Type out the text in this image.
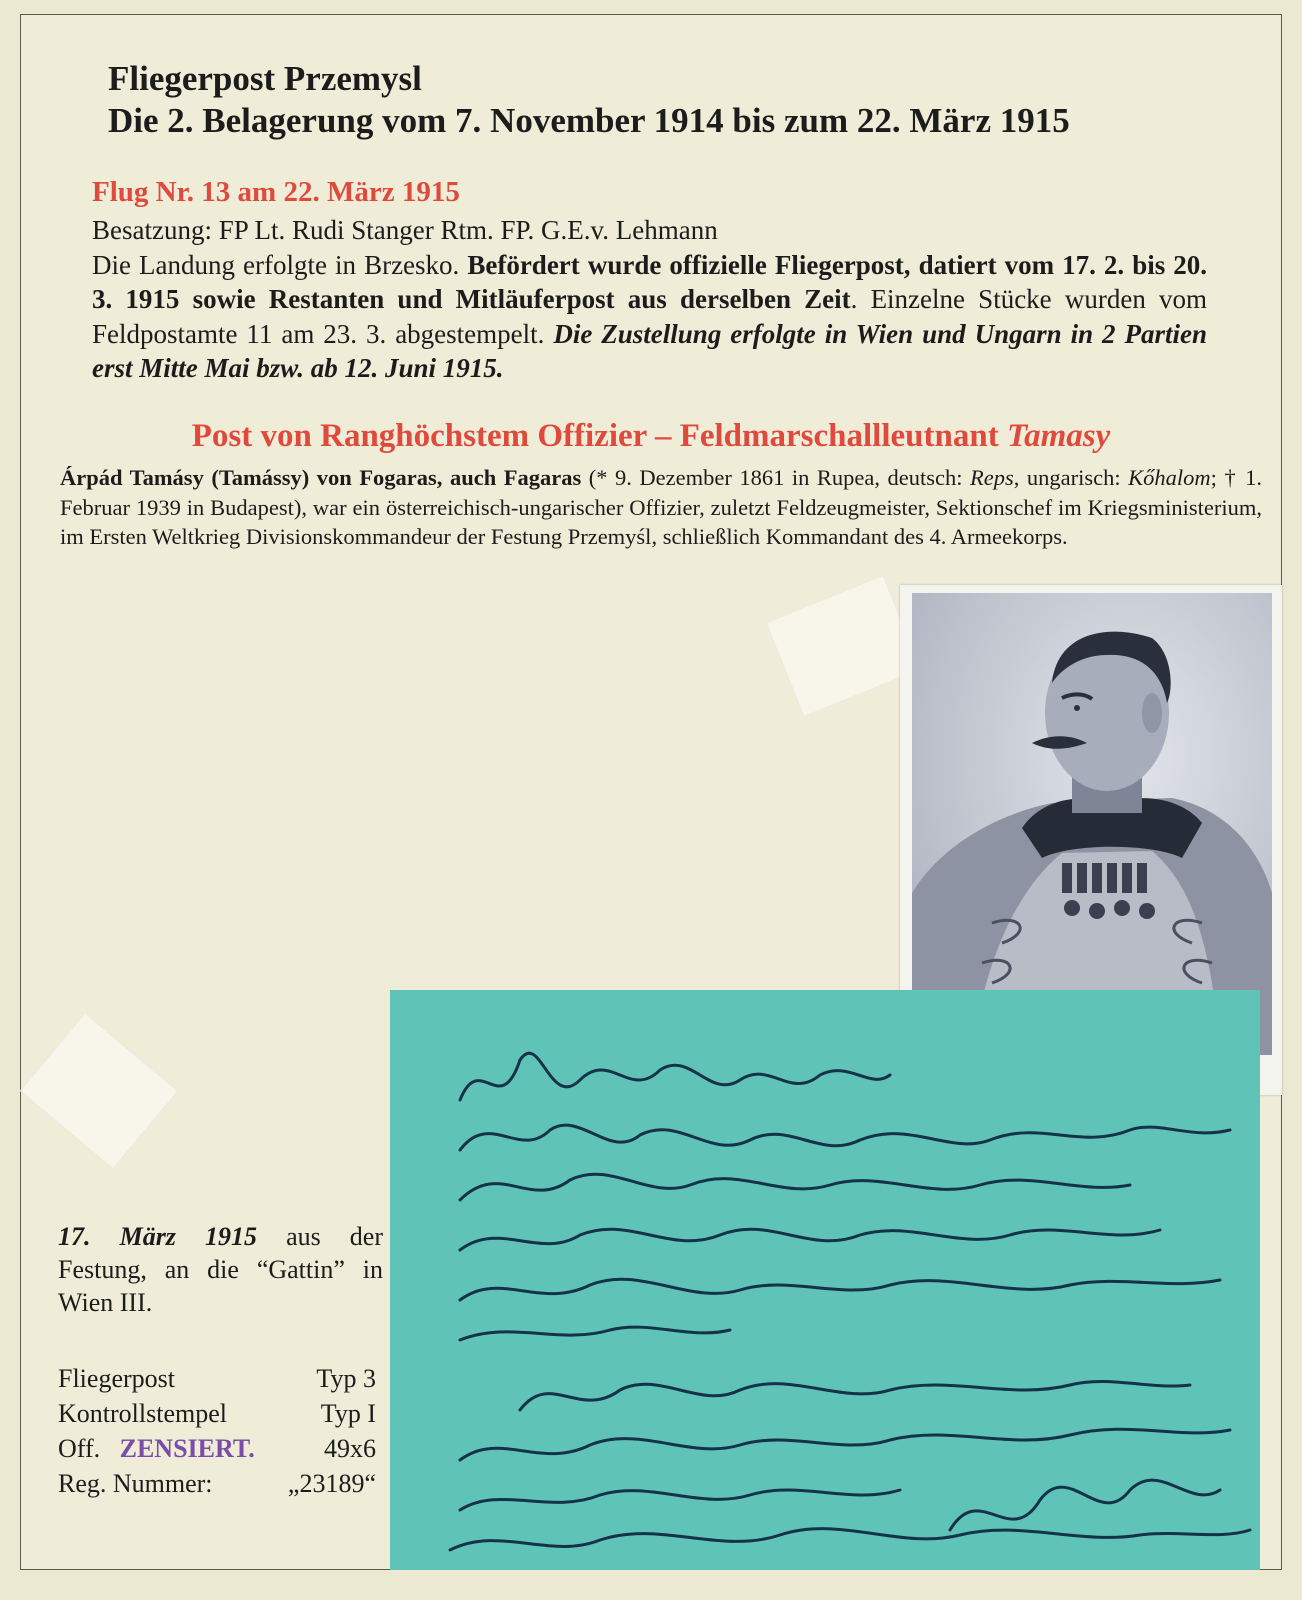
Fliegerpost Przemysl
Die 2. Belagerung vom 7. November 1914 bis zum 22. März 1915
Flug Nr. 13 am 22. März 1915
Besatzung: FP Lt. Rudi Stanger Rtm. FP. G.E.v. Lehmann
Die Landung erfolgte in Brzesko. Befördert wurde offizielle Fliegerpost, datiert vom 17. 2. bis 20. 3. 1915 sowie Restanten und Mitläuferpost aus derselben Zeit. Einzelne Stücke wurden vom Feldpostamte 11 am 23. 3. abgestempelt. Die Zustellung erfolgte in Wien und Ungarn in 2 Partien erst Mitte Mai bzw. ab 12. Juni 1915.
Post von Ranghöchstem Offizier – Feldmarschallleutnant Tamasy
Árpád Tamásy (Tamássy) von Fogaras, auch Fagaras (* 9. Dezember 1861 in Rupea, deutsch: Reps, ungarisch: Kőhalom; † 1. Februar 1939 in Budapest), war ein österreichisch-ungarischer Offizier, zuletzt Feldzeugmeister, Sektionschef im Kriegsministerium, im Ersten Weltkrieg Divisionskommandeur der Festung Przemyśl, schließlich Kommandant des 4. Armeekorps.
17. März 1915 aus der Festung, an die “Gattin” in Wien III.
Fliegerpost	Typ 3
Kontrollstempel	Typ I
Off. ZENSIERT.	49x6
Reg. Nummer:	„23189“
